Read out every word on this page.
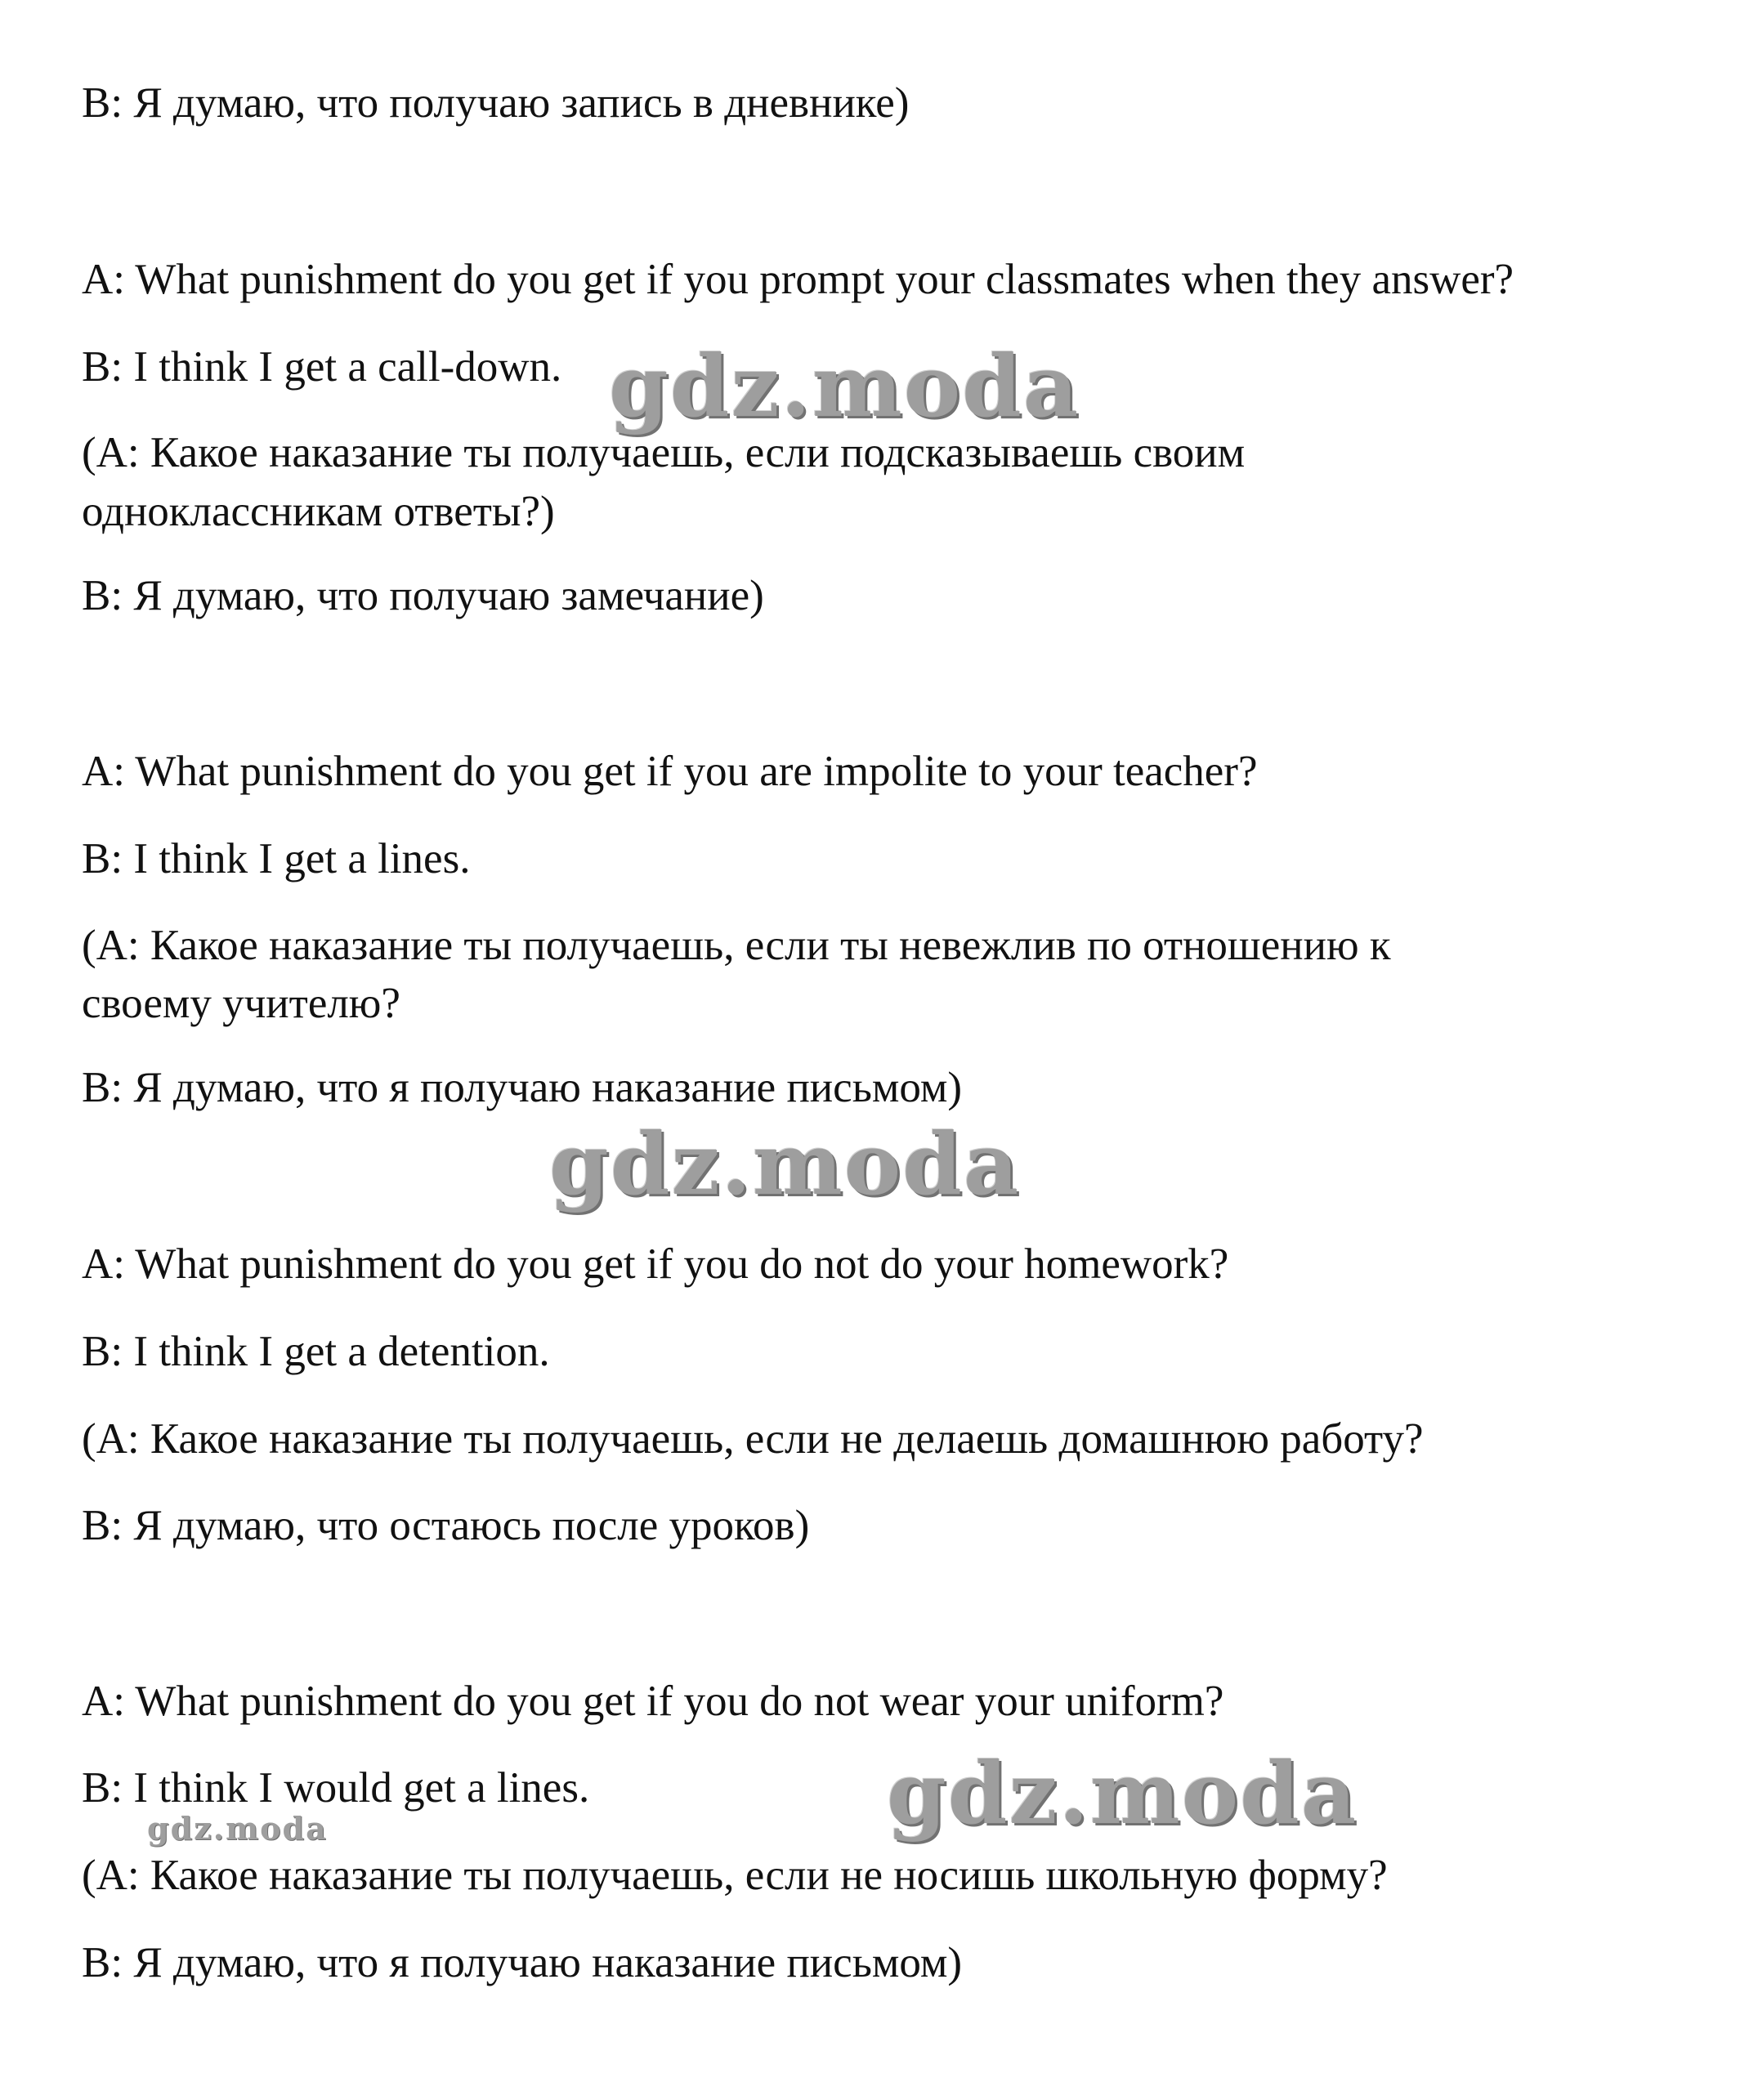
B: Я думаю, что получаю запись в дневнике)

A: What punishment do you get if you prompt your classmates when they answer?

B: I think I get a call-down.

(A: Какое наказание ты получаешь, если подсказываешь своим

одноклассникам ответы?)

B: Я думаю, что получаю замечание)

A: What punishment do you get if you are impolite to your teacher?

B: I think I get a lines.

(A: Какое наказание ты получаешь, если ты невежлив по отношению к

своему учителю?

B: Я думаю, что я получаю наказание письмом)

A: What punishment do you get if you do not do your homework?

B: I think I get a detention.

(A: Какое наказание ты получаешь, если не делаешь домашнюю работу?

B: Я думаю, что остаюсь после уроков)

A: What punishment do you get if you do not wear your uniform?

B: I think I would get a lines.

(A: Какое наказание ты получаешь, если не носишь школьную форму?

B: Я думаю, что я получаю наказание письмом)

gdz.moda
gdz.moda
gdz.moda
gdz.moda
